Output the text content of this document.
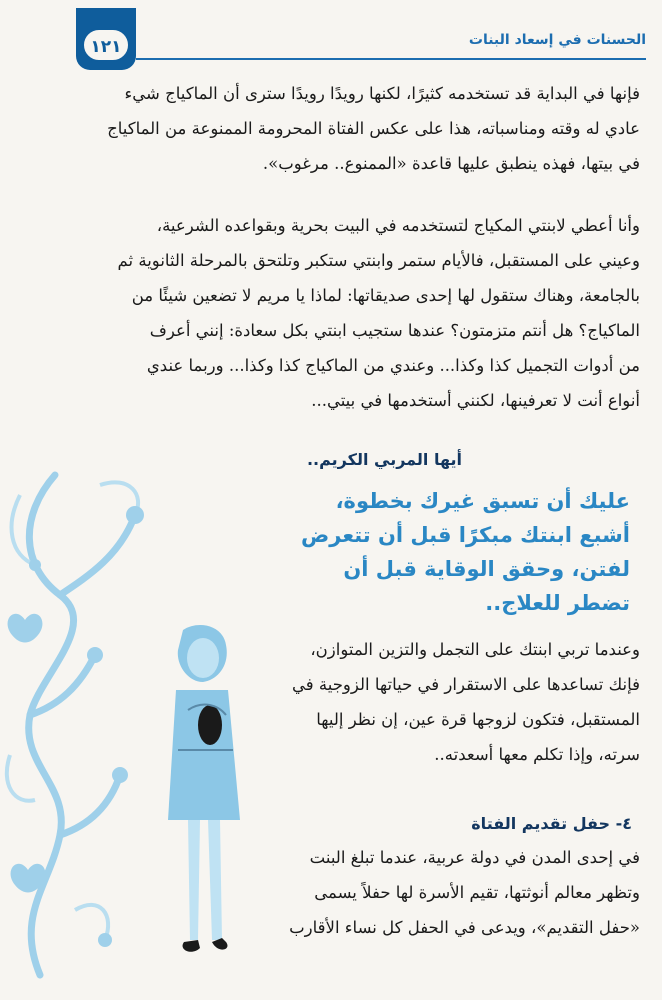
١٢١	الحسنات في إسعاد البنات

فإنها في البداية قد تستخدمه كثيرًا، لكنها رويدًا رويدًا سترى أن الماكياج شيء
عادي له وقته ومناسباته، هذا على عكس الفتاة المحرومة الممنوعة من الماكياج
في بيتها، فهذه ينطبق عليها قاعدة «الممنوع.. مرغوب».

وأنا أعطي لابنتي المكياج لتستخدمه في البيت بحرية وبقواعده الشرعية،
وعيني على المستقبل، فالأيام ستمر وابنتي ستكبر وتلتحق بالمرحلة الثانوية ثم
بالجامعة، وهناك ستقول لها إحدى صديقاتها: لماذا يا مريم لا تضعين شيئًا من
الماكياج؟ هل أنتم متزمتون؟ عندها ستجيب ابنتي بكل سعادة: إنني أعرف
من أدوات التجميل كذا وكذا... وعندي من الماكياج كذا وكذا... وربما عندي
أنواع أنت لا تعرفينها، لكنني أستخدمها في بيتي...

أيها المربي الكريم..
عليك أن تسبق غيرك بخطوة،
أشبع ابنتك مبكرًا قبل أن تتعرض
لفتن، وحقق الوقاية قبل أن
تضطر للعلاج..

وعندما تربي ابنتك على التجمل والتزين المتوازن،
فإنك تساعدها على الاستقرار في حياتها الزوجية في
المستقبل، فتكون لزوجها قرة عين، إن نظر إليها
سرته، وإذا تكلم معها أسعدته..

٤- حفل تقديم الفتاة

في إحدى المدن في دولة عربية، عندما تبلغ البنت
وتظهر معالم أنوثتها، تقيم الأسرة لها حفلاً يسمى
«حفل التقديم»، ويدعى في الحفل كل نساء الأقارب
